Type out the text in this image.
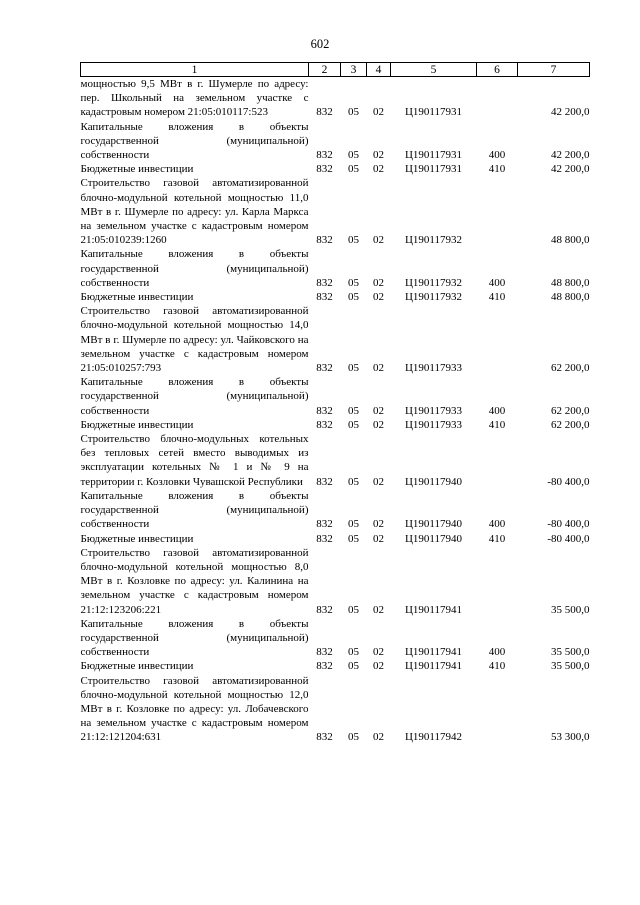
602
1	2	3	4	5	6	7
мощностью 9,5 МВт в г. Шумерле по адресу: пер. Школьный на земельном участке с кадастровым номером 21:05:010117:523	832	05	02	Ц190117931		42 200,0
Капитальные вложения в объекты государственной (муниципальной) собственности	832	05	02	Ц190117931	400	42 200,0
Бюджетные инвестиции	832	05	02	Ц190117931	410	42 200,0
Строительство газовой автоматизированной блочно-модульной котельной мощностью 11,0 МВт в г. Шумерле по адресу: ул. Карла Маркса на земельном участке с кадастровым номером 21:05:010239:1260	832	05	02	Ц190117932		48 800,0
Капитальные вложения в объекты государственной (муниципальной) собственности	832	05	02	Ц190117932	400	48 800,0
Бюджетные инвестиции	832	05	02	Ц190117932	410	48 800,0
Строительство газовой автоматизированной блочно-модульной котельной мощностью 14,0 МВт в г. Шумерле по адресу: ул. Чайковского на земельном участке с кадастровым номером 21:05:010257:793	832	05	02	Ц190117933		62 200,0
Капитальные вложения в объекты государственной (муниципальной) собственности	832	05	02	Ц190117933	400	62 200,0
Бюджетные инвестиции	832	05	02	Ц190117933	410	62 200,0
Строительство блочно-модульных котельных без тепловых сетей вместо выводимых из эксплуатации котельных № 1 и № 9 на территории г. Козловки Чувашской Республики	832	05	02	Ц190117940		-80 400,0
Капитальные вложения в объекты государственной (муниципальной) собственности	832	05	02	Ц190117940	400	-80 400,0
Бюджетные инвестиции	832	05	02	Ц190117940	410	-80 400,0
Строительство газовой автоматизированной блочно-модульной котельной мощностью 8,0 МВт в г. Козловке по адресу: ул. Калинина на земельном участке с кадастровым номером 21:12:123206:221	832	05	02	Ц190117941		35 500,0
Капитальные вложения в объекты государственной (муниципальной) собственности	832	05	02	Ц190117941	400	35 500,0
Бюджетные инвестиции	832	05	02	Ц190117941	410	35 500,0
Строительство газовой автоматизированной блочно-модульной котельной мощностью 12,0 МВт в г. Козловке по адресу: ул. Лобачевского на земельном участке с кадастровым номером 21:12:121204:631	832	05	02	Ц190117942		53 300,0
